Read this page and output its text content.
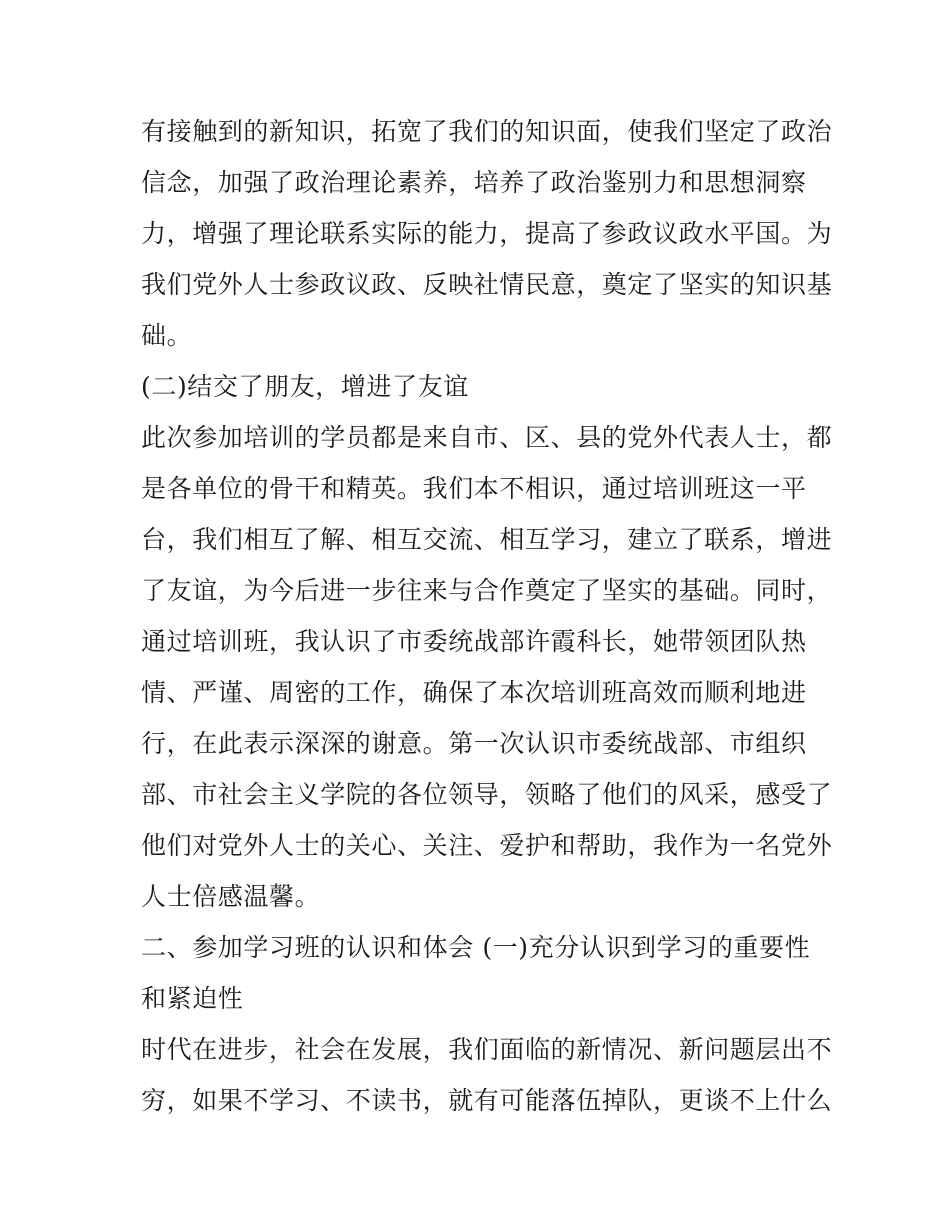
有接触到的新知识，拓宽了我们的知识面，使我们坚定了政治
信念，加强了政治理论素养，培养了政治鉴别力和思想洞察
力，增强了理论联系实际的能力，提高了参政议政水平国。为
我们党外人士参政议政、反映社情民意，奠定了坚实的知识基
础。
(二)结交了朋友，增进了友谊
此次参加培训的学员都是来自市、区、县的党外代表人士，都
是各单位的骨干和精英。我们本不相识，通过培训班这一平
台，我们相互了解、相互交流、相互学习，建立了联系，增进
了友谊，为今后进一步往来与合作奠定了坚实的基础。同时，
通过培训班，我认识了市委统战部许霞科长，她带领团队热
情、严谨、周密的工作，确保了本次培训班高效而顺利地进
行，在此表示深深的谢意。第一次认识市委统战部、市组织
部、市社会主义学院的各位领导，领略了他们的风采，感受了
他们对党外人士的关心、关注、爱护和帮助，我作为一名党外
人士倍感温馨。
二、参加学习班的认识和体会 (一)充分认识到学习的重要性
和紧迫性
时代在进步，社会在发展，我们面临的新情况、新问题层出不
穷，如果不学习、不读书，就有可能落伍掉队，更谈不上什么
